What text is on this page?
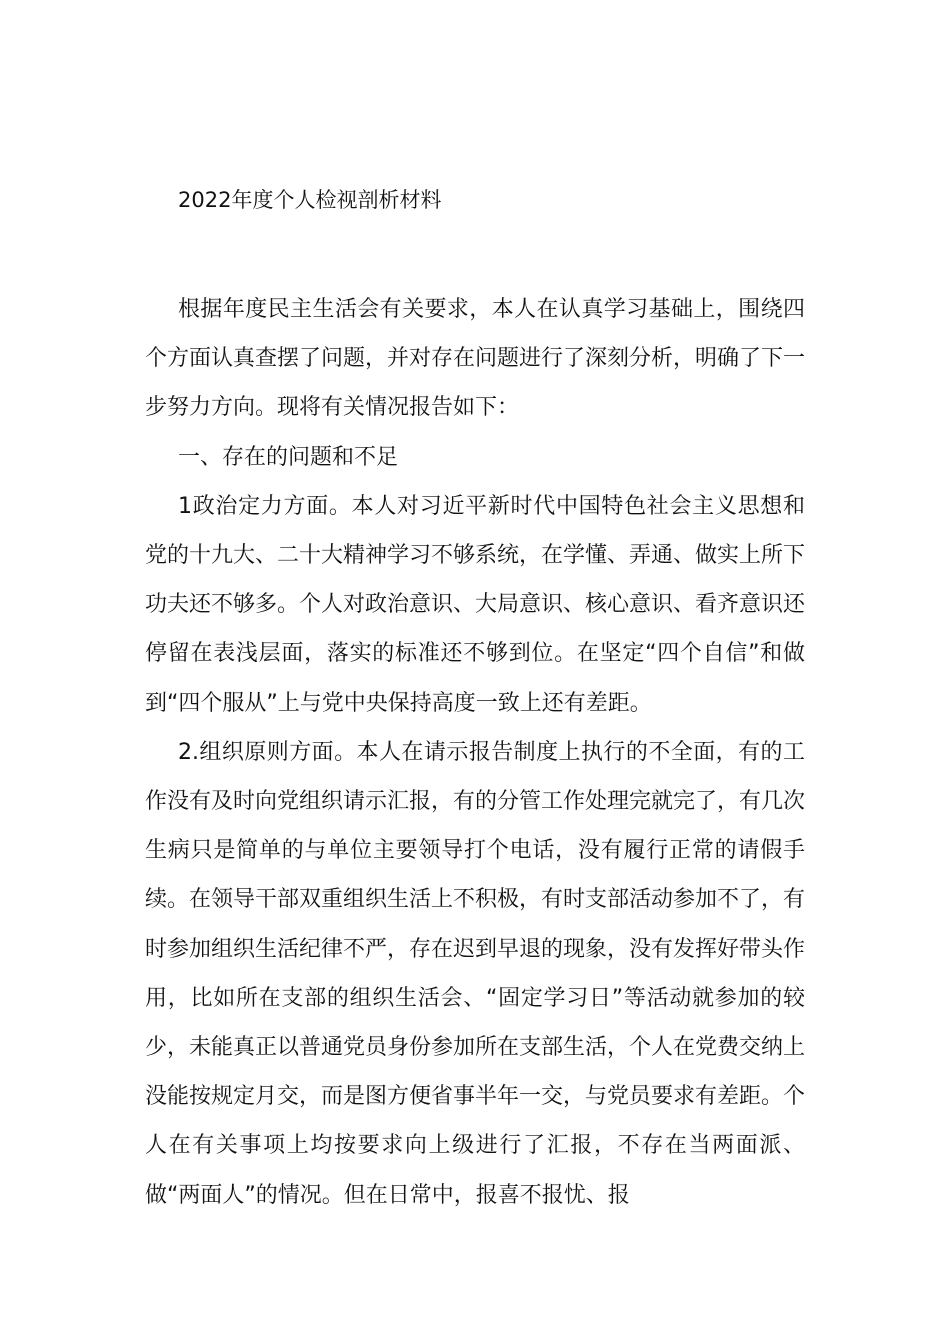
2022年度个人检视剖析材料

根据年度民主生活会有关要求，本人在认真学习基础上，围绕四个方面认真查摆了问题，并对存在问题进行了深刻分析，明确了下一步努力方向。现将有关情况报告如下：

一、存在的问题和不足

1政治定力方面。本人对习近平新时代中国特色社会主义思想和党的十九大、二十大精神学习不够系统，在学懂、弄通、做实上所下功夫还不够多。个人对政治意识、大局意识、核心意识、看齐意识还停留在表浅层面，落实的标准还不够到位。在坚定“四个自信”和做到“四个服从”上与党中央保持高度一致上还有差距。

2.组织原则方面。本人在请示报告制度上执行的不全面，有的工作没有及时向党组织请示汇报，有的分管工作处理完就完了，有几次生病只是简单的与单位主要领导打个电话，没有履行正常的请假手续。在领导干部双重组织生活上不积极，有时支部活动参加不了，有时参加组织生活纪律不严，存在迟到早退的现象，没有发挥好带头作用，比如所在支部的组织生活会、“固定学习日”等活动就参加的较少，未能真正以普通党员身份参加所在支部生活，个人在党费交纳上没能按规定月交，而是图方便省事半年一交，与党员要求有差距。个人在有关事项上均按要求向上级进行了汇报，不存在当两面派、做“两面人”的情况。但在日常中，报喜不报忧、报
